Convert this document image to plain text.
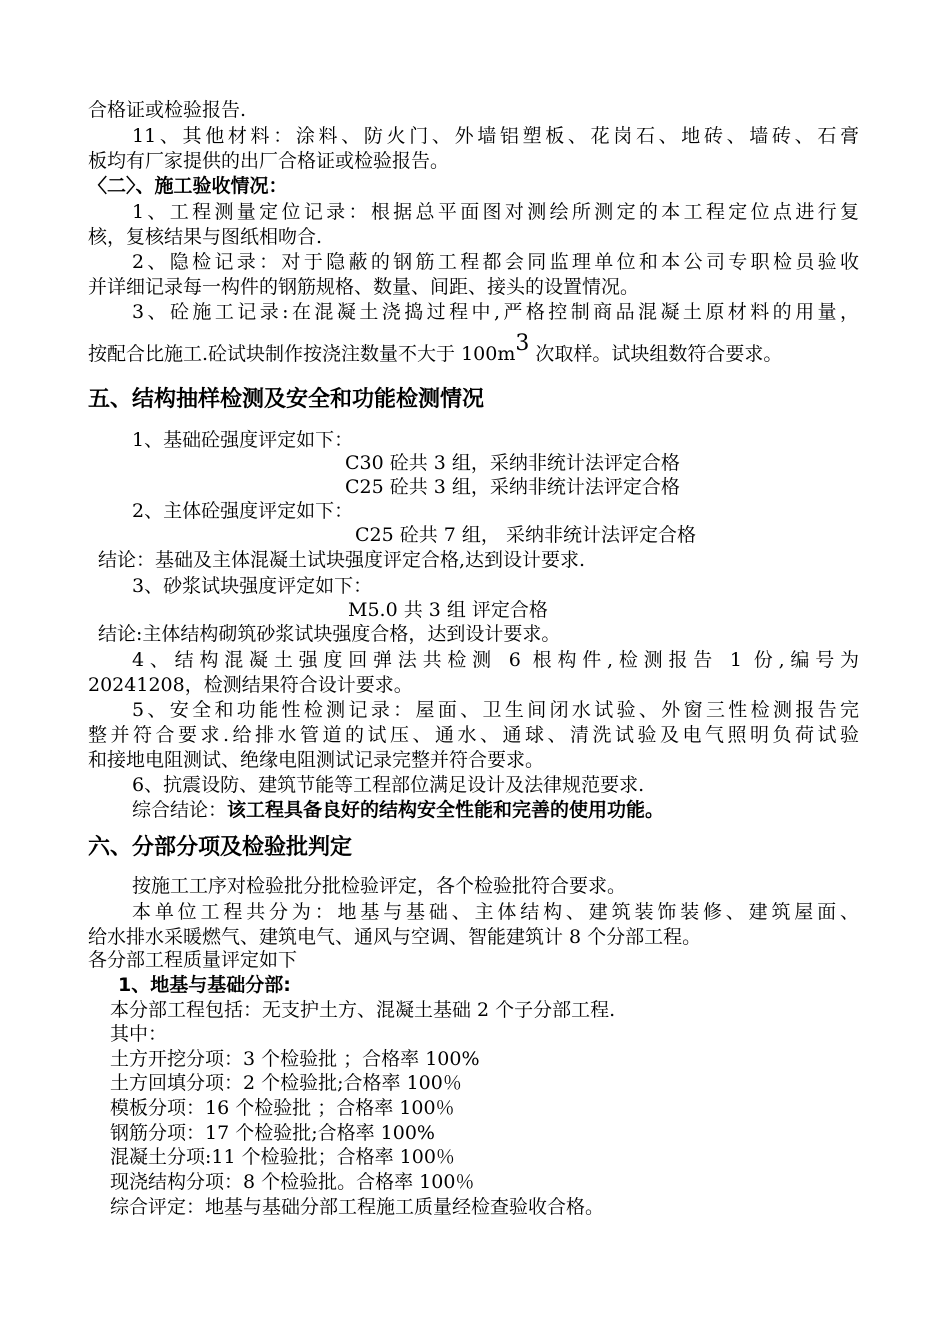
合格证或检验报告.
11、其他材料：涂料、防火门、外墙铝塑板、花岗石、地砖、墙砖、石膏
板均有厂家提供的出厂合格证或检验报告。
〈二〉、施工验收情况：
1、工程测量定位记录：根据总平面图对测绘所测定的本工程定位点进行复
核，复核结果与图纸相吻合.
2、隐检记录：对于隐蔽的钢筋工程都会同监理单位和本公司专职检员验收
并详细记录每一构件的钢筋规格、数量、间距、接头的设置情况。
3、砼施工记录:在混凝土浇捣过程中,严格控制商品混凝土原材料的用量，
按配合比施工.砼试块制作按浇注数量不大于 $100m^3$ 次取样。试块组数符合要求。
五、结构抽样检测及安全和功能检测情况
1、基础砼强度评定如下：
C30 砼共 3 组，采纳非统计法评定合格
C25 砼共 3 组，采纳非统计法评定合格
2、主体砼强度评定如下：
C25 砼共 7 组， 采纳非统计法评定合格
结论：基础及主体混凝土试块强度评定合格,达到设计要求.
3、砂浆试块强度评定如下：
M5.0 共 3 组 评定合格
结论:主体结构砌筑砂浆试块强度合格，达到设计要求。
4、结构混凝土强度回弹法共检测 6 根构件,检测报告 1 份,编号为
20241208，检测结果符合设计要求。
5、安全和功能性检测记录：屋面、卫生间闭水试验、外窗三性检测报告完
整并符合要求.给排水管道的试压、通水、通球、清洗试验及电气照明负荷试验
和接地电阻测试、绝缘电阻测试记录完整并符合要求。
6、抗震设防、建筑节能等工程部位满足设计及法律规范要求.
综合结论：该工程具备良好的结构安全性能和完善的使用功能。
六、分部分项及检验批判定
按施工工序对检验批分批检验评定，各个检验批符合要求。
本单位工程共分为：地基与基础、主体结构、建筑装饰装修、建筑屋面、
给水排水采暖燃气、建筑电气、通风与空调、智能建筑计 8 个分部工程。
各分部工程质量评定如下
1、地基与基础分部:
本分部工程包括：无支护土方、混凝土基础 2 个子分部工程.
其中：
土方开挖分项：3 个检验批 ；合格率 100%
土方回填分项：2 个检验批;合格率 100％
模板分项：16 个检验批 ；合格率 100％
钢筋分项：17 个检验批;合格率 100%
混凝土分项:11 个检验批；合格率 100％
现浇结构分项：8 个检验批。合格率 100％
综合评定：地基与基础分部工程施工质量经检查验收合格。
